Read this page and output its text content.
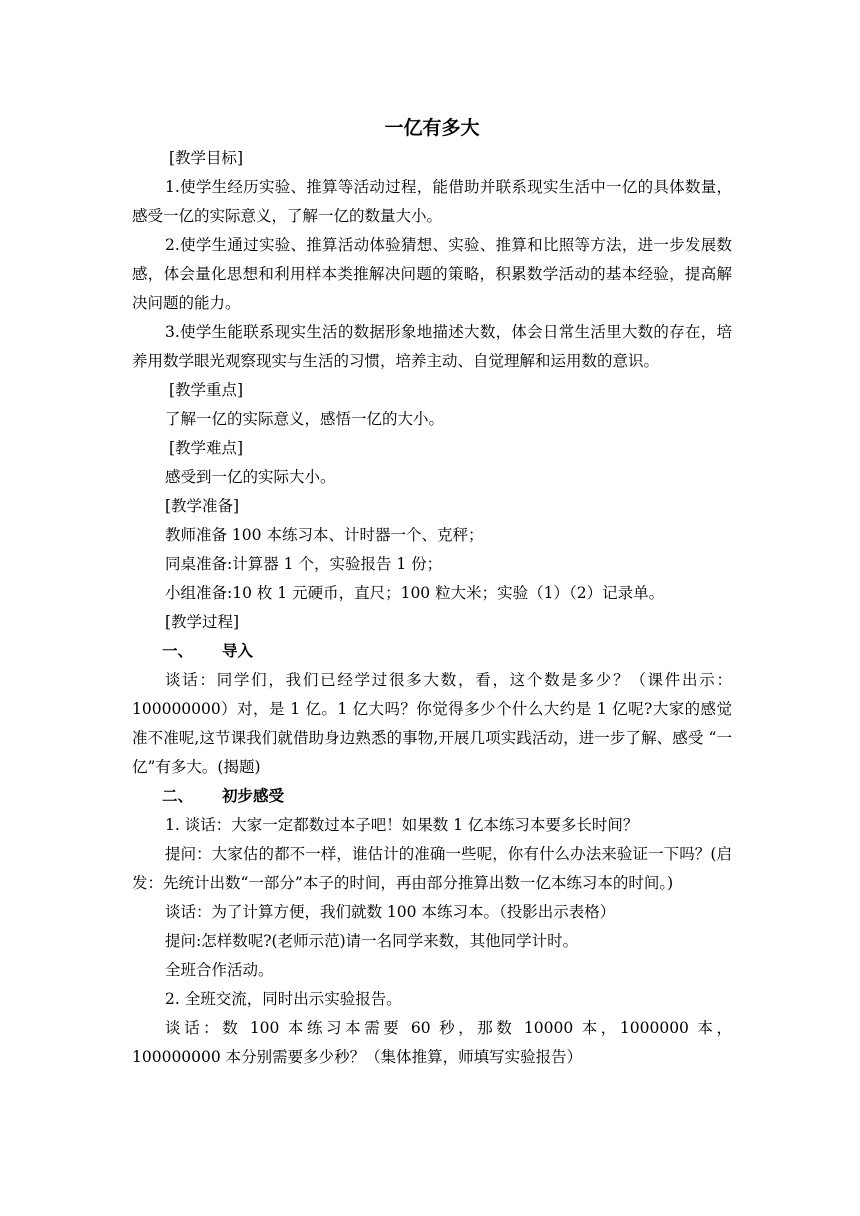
一亿有多大
[教学目标]

1.使学生经历实验、推算等活动过程，能借助并联系现实生活中一亿的具体数量，感受一亿的实际意义，了解一亿的数量大小。

2.使学生通过实验、推算活动体验猜想、实验、推算和比照等方法，进一步发展数感，体会量化思想和利用样本类推解决问题的策略，积累数学活动的基本经验，提高解决问题的能力。

3.使学生能联系现实生活的数据形象地描述大数，体会日常生活里大数的存在，培养用数学眼光观察现实与生活的习惯，培养主动、自觉理解和运用数的意识。

[教学重点]
了解一亿的实际意义，感悟一亿的大小。
[教学难点]
感受到一亿的实际大小。
[教学准备]
教师准备 100 本练习本、计时器一个、克秤；
同桌准备:计算器 1 个，实验报告 1 份；
小组准备:10 枚 1 元硬币，直尺；100 粒大米；实验（1）（2）记录单。
[教学过程]
一、 导入

谈话：同学们，我们已经学过很多大数，看，这个数是多少？（课件出示：100000000）对，是 1 亿。1 亿大吗？你觉得多少个什么大约是 1 亿呢?大家的感觉准不准呢,这节课我们就借助身边熟悉的事物,开展几项实践活动，进一步了解、感受 “一亿”有多大。(揭题)

二、 初步感受

1. 谈话：大家一定都数过本子吧！如果数 1 亿本练习本要多长时间？

提问：大家估的都不一样，谁估计的准确一些呢，你有什么办法来验证一下吗？(启发：先统计出数“一部分”本子的时间，再由部分推算出数一亿本练习本的时间。)

谈话：为了计算方便，我们就数 100 本练习本。（投影出示表格）

提问:怎样数呢?(老师示范)请一名同学来数，其他同学计时。

全班合作活动。

2. 全班交流，同时出示实验报告。

谈话：数 100 本练习本需要 60 秒，那数 10000 本，1000000 本，100000000 本分别需要多少秒？（集体推算，师填写实验报告）
